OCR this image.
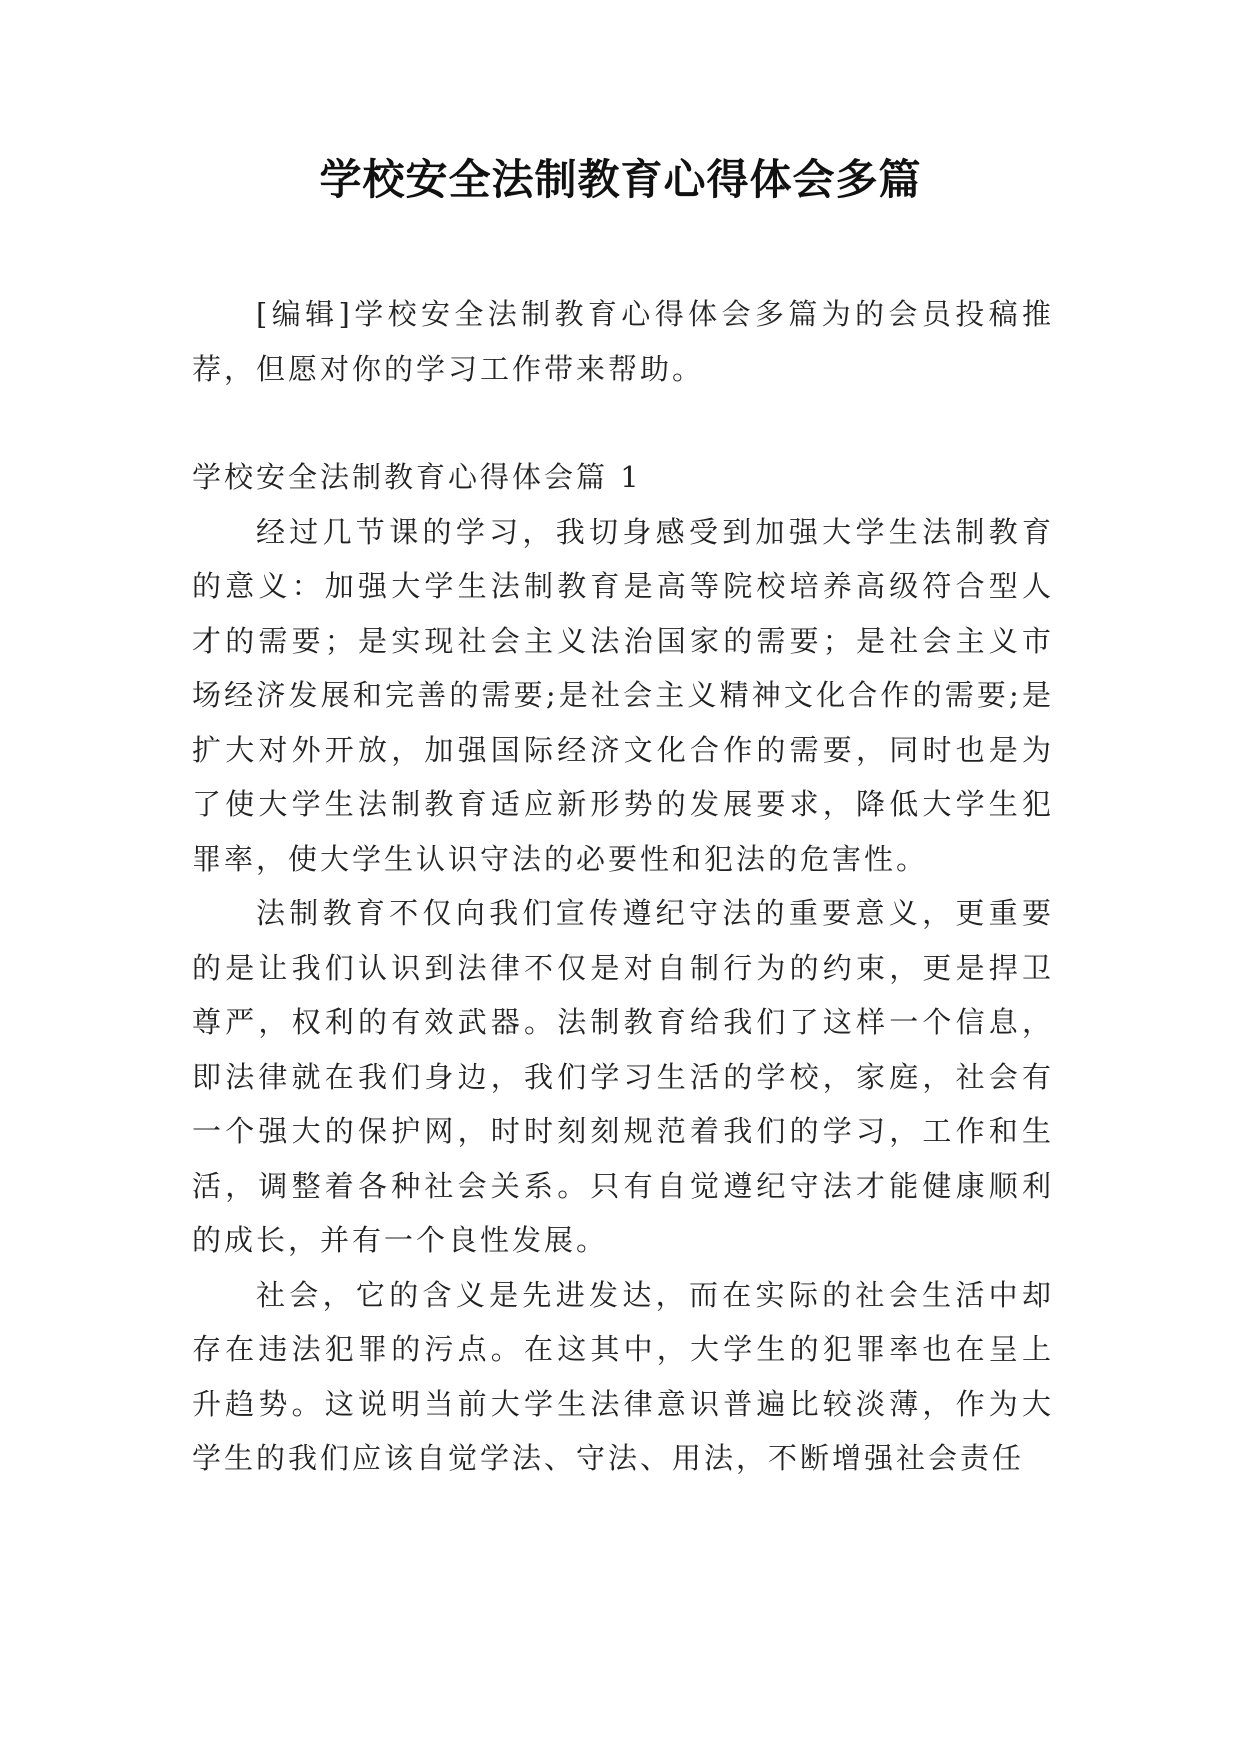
学校安全法制教育心得体会多篇

[编辑]学校安全法制教育心得体会多篇为的会员投稿推荐，但愿对你的学习工作带来帮助。

学校安全法制教育心得体会篇 1

经过几节课的学习，我切身感受到加强大学生法制教育的意义：加强大学生法制教育是高等院校培养高级符合型人才的需要；是实现社会主义法治国家的需要；是社会主义市场经济发展和完善的需要;是社会主义精神文化合作的需要;是扩大对外开放，加强国际经济文化合作的需要，同时也是为了使大学生法制教育适应新形势的发展要求，降低大学生犯罪率，使大学生认识守法的必要性和犯法的危害性。

法制教育不仅向我们宣传遵纪守法的重要意义，更重要的是让我们认识到法律不仅是对自制行为的约束，更是捍卫尊严，权利的有效武器。法制教育给我们了这样一个信息，即法律就在我们身边，我们学习生活的学校，家庭，社会有一个强大的保护网，时时刻刻规范着我们的学习，工作和生活，调整着各种社会关系。只有自觉遵纪守法才能健康顺利的成长，并有一个良性发展。

社会，它的含义是先进发达，而在实际的社会生活中却存在违法犯罪的污点。在这其中，大学生的犯罪率也在呈上升趋势。这说明当前大学生法律意识普遍比较淡薄，作为大学生的我们应该自觉学法、守法、用法，不断增强社会责任
